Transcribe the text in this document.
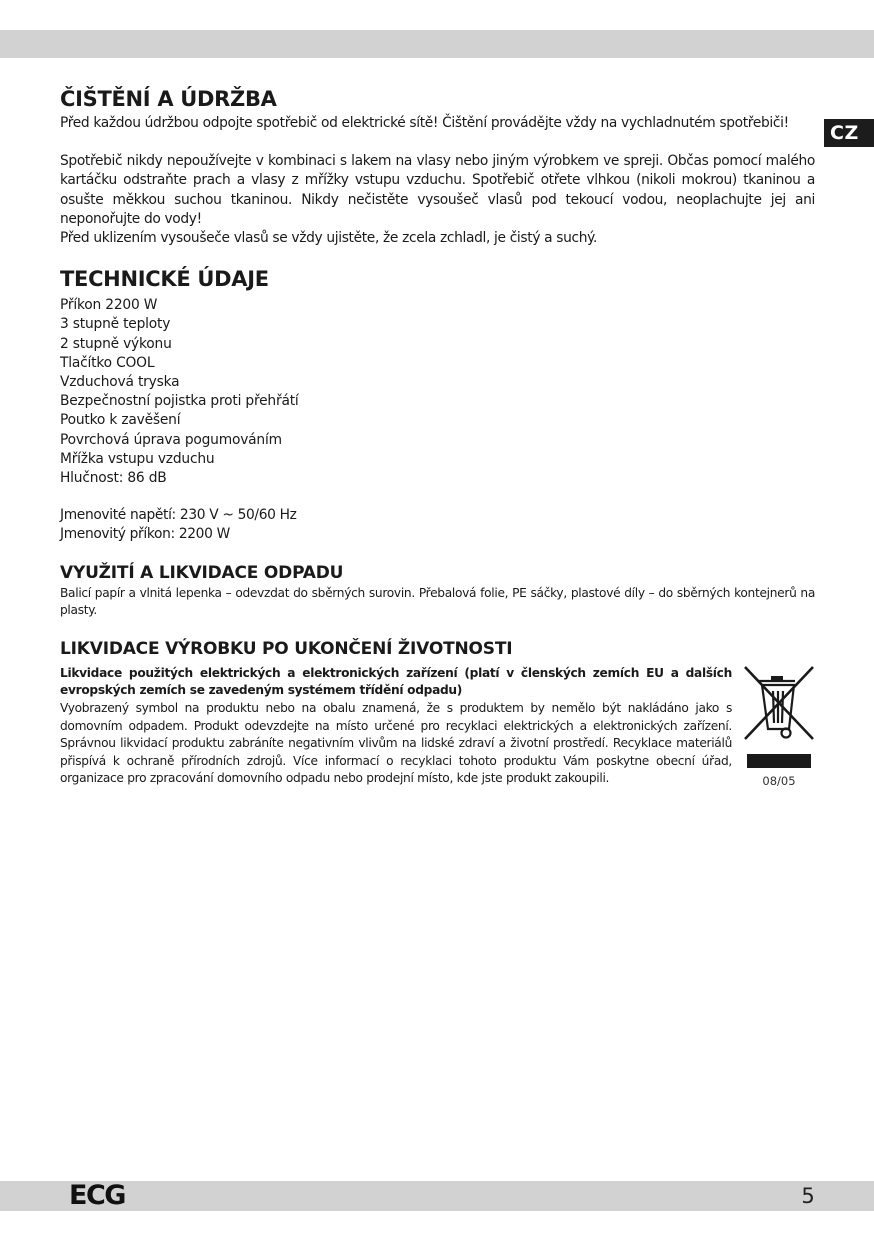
CZ
ČIŠTĚNÍ A ÚDRŽBA

Před každou údržbou odpojte spotřebič od elektrické sítě! Čištění provádějte vždy na vychladnutém spotřebiči!

Spotřebič nikdy nepoužívejte v kombinaci s lakem na vlasy nebo jiným výrobkem ve spreji. Občas pomocí malého kartáčku odstraňte prach a vlasy z mřížky vstupu vzduchu. Spotřebič otřete vlhkou (nikoli mokrou) tkaninou a osušte měkkou suchou tkaninou. Nikdy nečistěte vysoušeč vlasů pod tekoucí vodou, neoplachujte jej ani neponořujte do vody!

Před uklizením vysoušeče vlasů se vždy ujistěte, že zcela zchladl, je čistý a suchý.

TECHNICKÉ ÚDAJE
Příkon 2200 W
3 stupně teploty
2 stupně výkonu
Tlačítko COOL
Vzduchová tryska
Bezpečnostní pojistka proti přehřátí
Poutko k zavěšení
Povrchová úprava pogumováním
Mřížka vstupu vzduchu
Hlučnost: 86 dB

Jmenovité napětí: 230 V ~ 50/60 Hz

Jmenovitý příkon: 2200 W

VYUŽITÍ A LIKVIDACE ODPADU

Balicí papír a vlnitá lepenka – odevzdat do sběrných surovin. Přebalová folie, PE sáčky, plastové díly – do sběrných kontejnerů na plasty.

LIKVIDACE VÝROBKU PO UKONČENÍ ŽIVOTNOSTI

Likvidace použitých elektrických a elektronických zařízení (platí v členských zemích EU a dalších evropských zemích se zavedeným systémem třídění odpadu)

Vyobrazený symbol na produktu nebo na obalu znamená, že s produktem by nemělo být nakládáno jako s domovním odpadem. Produkt odevzdejte na místo určené pro recyklaci elektrických a elektronických zařízení. Správnou likvidací produktu zabráníte negativním vlivům na lidské zdraví a životní prostředí. Recyklace materiálů přispívá k ochraně přírodních zdrojů. Více informací o recyklaci tohoto produktu Vám poskytne obecní úřad, organizace pro zpracování domovního odpadu nebo prodejní místo, kde jste produkt zakoupili.	08/05
ECG	5
